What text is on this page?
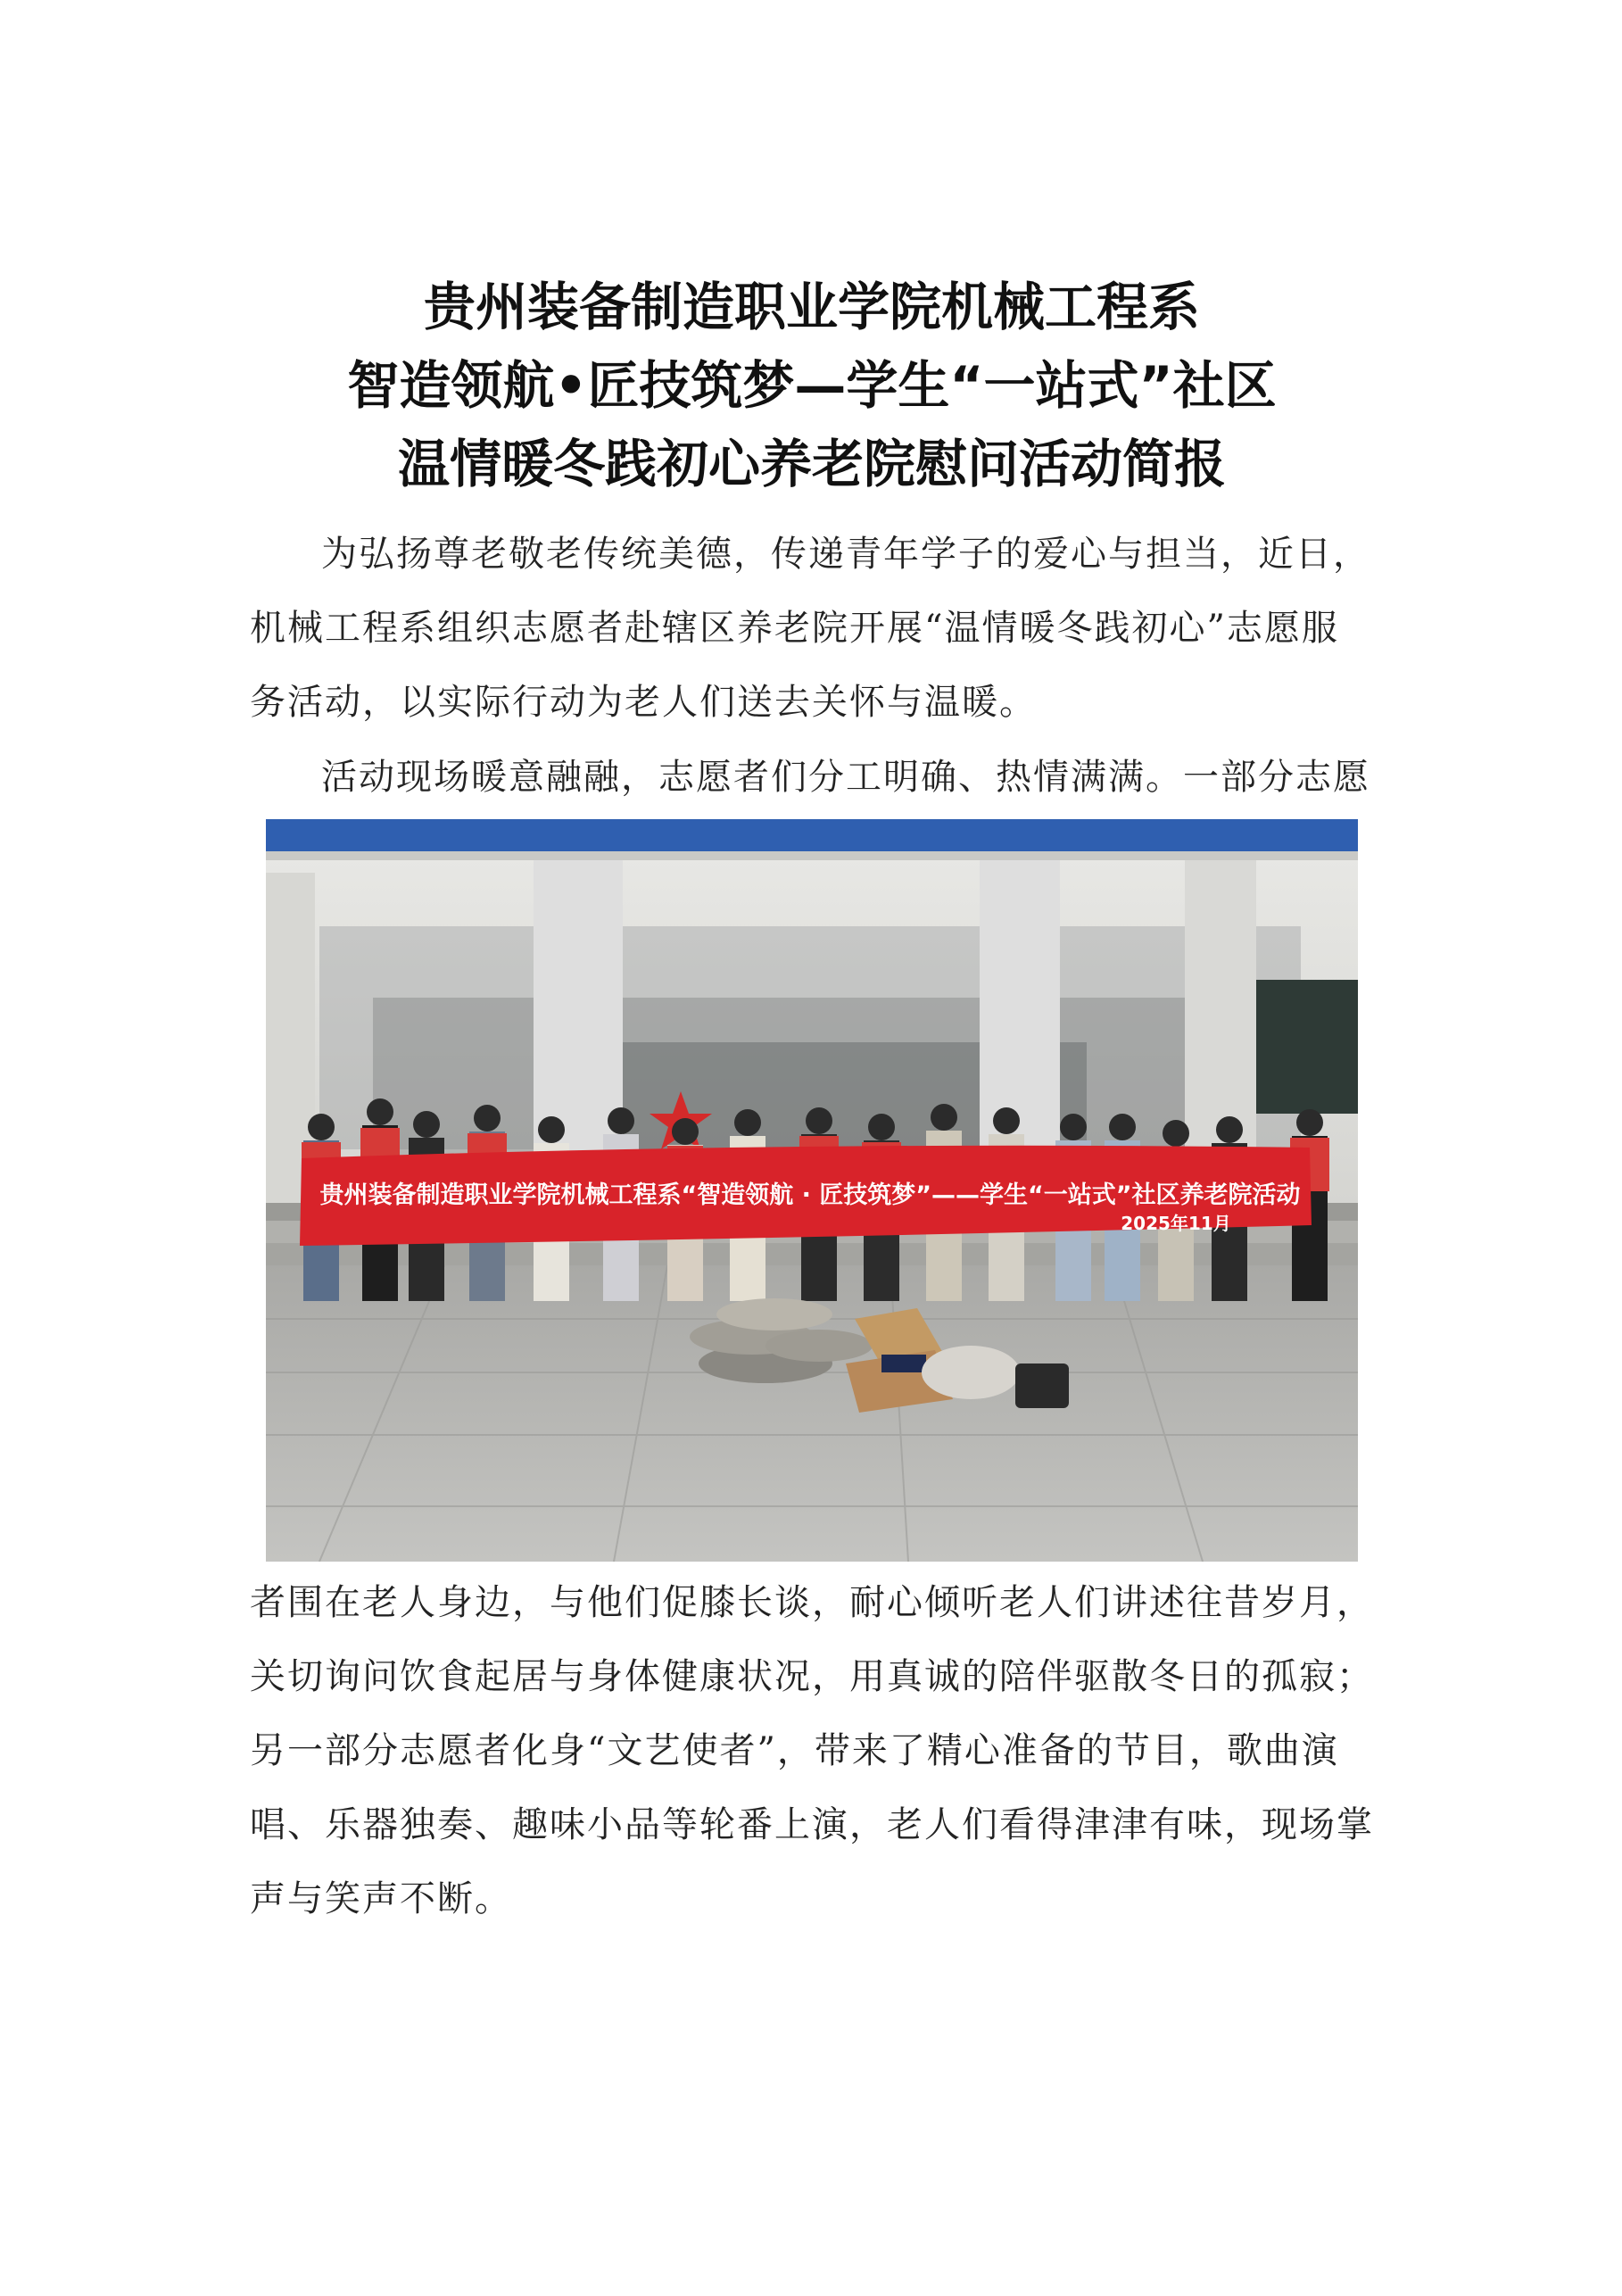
贵州装备制造职业学院机械工程系
智造领航•匠技筑梦—学生“一站式”社区
温情暖冬践初心养老院慰问活动简报
为弘扬尊老敬老传统美德，传递青年学子的爱心与担当，近日，
机械工程系组织志愿者赴辖区养老院开展“温情暖冬践初心”志愿服
务活动，以实际行动为老人们送去关怀与温暖。
活动现场暖意融融，志愿者们分工明确、热情满满。一部分志愿
贵州装备制造职业学院机械工程系“智造领航 · 匠技筑梦”——学生“一站式”社区养老院活动
2025年11月
者围在老人身边，与他们促膝长谈，耐心倾听老人们讲述往昔岁月，
关切询问饮食起居与身体健康状况，用真诚的陪伴驱散冬日的孤寂；
另一部分志愿者化身“文艺使者”，带来了精心准备的节目，歌曲演
唱、乐器独奏、趣味小品等轮番上演，老人们看得津津有味，现场掌
声与笑声不断。
